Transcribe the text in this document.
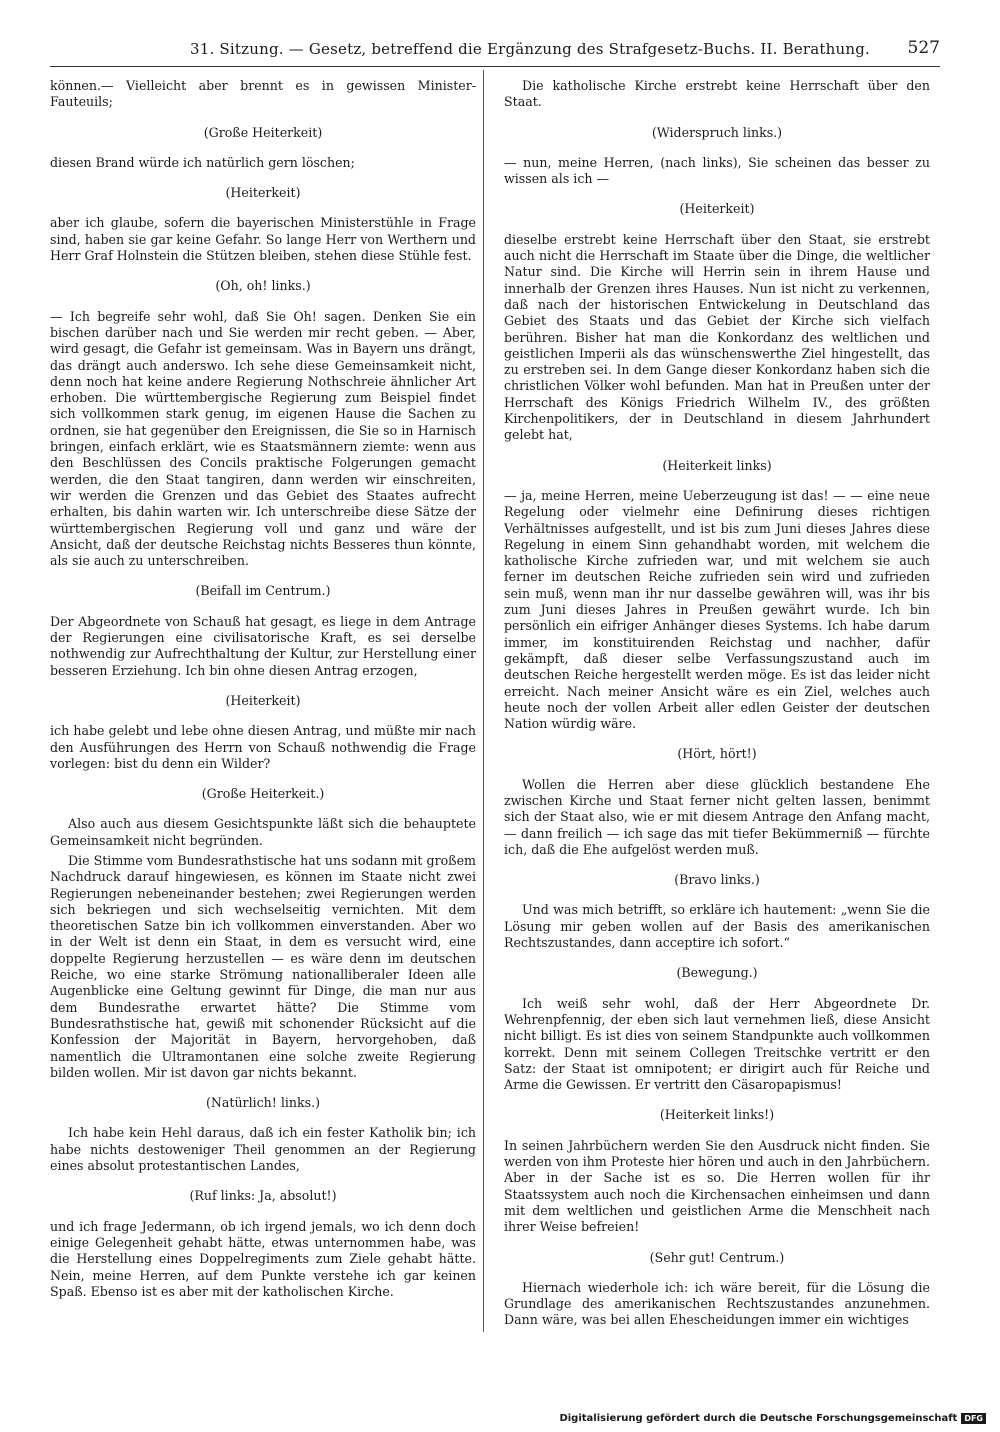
31. Sitzung. — Gesetz, betreffend die Ergänzung des Strafgesetz-Buchs. II. Berathung. 527

können.— Vielleicht aber brennt es in gewissen Minister-Fauteuils;

(Große Heiterkeit)

diesen Brand würde ich natürlich gern löschen;

(Heiterkeit)

aber ich glaube, sofern die bayerischen Ministerstühle in Frage sind, haben sie gar keine Gefahr. So lange Herr von Werthern und Herr Graf Holnstein die Stützen bleiben, stehen diese Stühle fest.

(Oh, oh! links.)

— Ich begreife sehr wohl, daß Sie Oh! sagen. Denken Sie ein bischen darüber nach und Sie werden mir recht geben. — Aber, wird gesagt, die Gefahr ist gemeinsam. Was in Bayern uns drängt, das drängt auch anderswo. Ich sehe diese Gemeinsamkeit nicht, denn noch hat keine andere Regierung Nothschreie ähnlicher Art erhoben. Die württembergische Regierung zum Beispiel findet sich vollkommen stark genug, im eigenen Hause die Sachen zu ordnen, sie hat gegenüber den Ereignissen, die Sie so in Harnisch bringen, einfach erklärt, wie es Staatsmännern ziemte: wenn aus den Beschlüssen des Concils praktische Folgerungen gemacht werden, die den Staat tangiren, dann werden wir einschreiten, wir werden die Grenzen und das Gebiet des Staates aufrecht erhalten, bis dahin warten wir. Ich unterschreibe diese Sätze der württembergischen Regierung voll und ganz und wäre der Ansicht, daß der deutsche Reichstag nichts Besseres thun könnte, als sie auch zu unterschreiben.

(Beifall im Centrum.)

Der Abgeordnete von Schauß hat gesagt, es liege in dem Antrage der Regierungen eine civilisatorische Kraft, es sei derselbe nothwendig zur Aufrechthaltung der Kultur, zur Herstellung einer besseren Erziehung. Ich bin ohne diesen Antrag erzogen,

(Heiterkeit)

ich habe gelebt und lebe ohne diesen Antrag, und müßte mir nach den Ausführungen des Herrn von Schauß nothwendig die Frage vorlegen: bist du denn ein Wilder?

(Große Heiterkeit.)

Also auch aus diesem Gesichtspunkte läßt sich die behauptete Gemeinsamkeit nicht begründen.

Die Stimme vom Bundesrathstische hat uns sodann mit großem Nachdruck darauf hingewiesen, es können im Staate nicht zwei Regierungen nebeneinander bestehen; zwei Regierungen werden sich bekriegen und sich wechselseitig vernichten. Mit dem theoretischen Satze bin ich vollkommen einverstanden. Aber wo in der Welt ist denn ein Staat, in dem es versucht wird, eine doppelte Regierung herzustellen — es wäre denn im deutschen Reiche, wo eine starke Strömung nationalliberaler Ideen alle Augenblicke eine Geltung gewinnt für Dinge, die man nur aus dem Bundesrathe erwartet hätte? Die Stimme vom Bundesrathstische hat, gewiß mit schonender Rücksicht auf die Konfession der Majorität in Bayern, hervorgehoben, daß namentlich die Ultramontanen eine solche zweite Regierung bilden wollen. Mir ist davon gar nichts bekannt.

(Natürlich! links.)

Ich habe kein Hehl daraus, daß ich ein fester Katholik bin; ich habe nichts destoweniger Theil genommen an der Regierung eines absolut protestantischen Landes,

(Ruf links: Ja, absolut!)

und ich frage Jedermann, ob ich irgend jemals, wo ich denn doch einige Gelegenheit gehabt hätte, etwas unternommen habe, was die Herstellung eines Doppelregiments zum Ziele gehabt hätte. Nein, meine Herren, auf dem Punkte verstehe ich gar keinen Spaß. Ebenso ist es aber mit der katholischen Kirche.

Die katholische Kirche erstrebt keine Herrschaft über den Staat.

(Widerspruch links.)

— nun, meine Herren, (nach links), Sie scheinen das besser zu wissen als ich —

(Heiterkeit)

dieselbe erstrebt keine Herrschaft über den Staat, sie erstrebt auch nicht die Herrschaft im Staate über die Dinge, die weltlicher Natur sind. Die Kirche will Herrin sein in ihrem Hause und innerhalb der Grenzen ihres Hauses. Nun ist nicht zu verkennen, daß nach der historischen Entwickelung in Deutschland das Gebiet des Staats und das Gebiet der Kirche sich vielfach berühren. Bisher hat man die Konkordanz des weltlichen und geistlichen Imperii als das wünschenswerthe Ziel hingestellt, das zu erstreben sei. In dem Gange dieser Konkordanz haben sich die christlichen Völker wohl befunden. Man hat in Preußen unter der Herrschaft des Königs Friedrich Wilhelm IV., des größten Kirchenpolitikers, der in Deutschland in diesem Jahrhundert gelebt hat,

(Heiterkeit links)

— ja, meine Herren, meine Ueberzeugung ist das! — — eine neue Regelung oder vielmehr eine Definirung dieses richtigen Verhältnisses aufgestellt, und ist bis zum Juni dieses Jahres diese Regelung in einem Sinn gehandhabt worden, mit welchem die katholische Kirche zufrieden war, und mit welchem sie auch ferner im deutschen Reiche zufrieden sein wird und zufrieden sein muß, wenn man ihr nur dasselbe gewähren will, was ihr bis zum Juni dieses Jahres in Preußen gewährt wurde. Ich bin persönlich ein eifriger Anhänger dieses Systems. Ich habe darum immer, im konstituirenden Reichstag und nachher, dafür gekämpft, daß dieser selbe Verfassungszustand auch im deutschen Reiche hergestellt werden möge. Es ist das leider nicht erreicht. Nach meiner Ansicht wäre es ein Ziel, welches auch heute noch der vollen Arbeit aller edlen Geister der deutschen Nation würdig wäre.

(Hört, hört!)

Wollen die Herren aber diese glücklich bestandene Ehe zwischen Kirche und Staat ferner nicht gelten lassen, benimmt sich der Staat also, wie er mit diesem Antrage den Anfang macht, — dann freilich — ich sage das mit tiefer Bekümmerniß — fürchte ich, daß die Ehe aufgelöst werden muß.

(Bravo links.)

Und was mich betrifft, so erkläre ich hautement: „wenn Sie die Lösung mir geben wollen auf der Basis des amerikanischen Rechtszustandes, dann acceptire ich sofort.“

(Bewegung.)

Ich weiß sehr wohl, daß der Herr Abgeordnete Dr. Wehrenpfennig, der eben sich laut vernehmen ließ, diese Ansicht nicht billigt. Es ist dies von seinem Standpunkte auch vollkommen korrekt. Denn mit seinem Collegen Treitschke vertritt er den Satz: der Staat ist omnipotent; er dirigirt auch für Reiche und Arme die Gewissen. Er vertritt den Cäsaropapismus!

(Heiterkeit links!)

In seinen Jahrbüchern werden Sie den Ausdruck nicht finden. Sie werden von ihm Proteste hier hören und auch in den Jahrbüchern. Aber in der Sache ist es so. Die Herren wollen für ihr Staatssystem auch noch die Kirchensachen einheimsen und dann mit dem weltlichen und geistlichen Arme die Menschheit nach ihrer Weise befreien!

(Sehr gut! Centrum.)

Hiernach wiederhole ich: ich wäre bereit, für die Lösung die Grundlage des amerikanischen Rechtszustandes anzunehmen. Dann wäre, was bei allen Ehescheidungen immer ein wichtiges

Digitalisierung gefördert durch die Deutsche Forschungsgemeinschaft DFG
